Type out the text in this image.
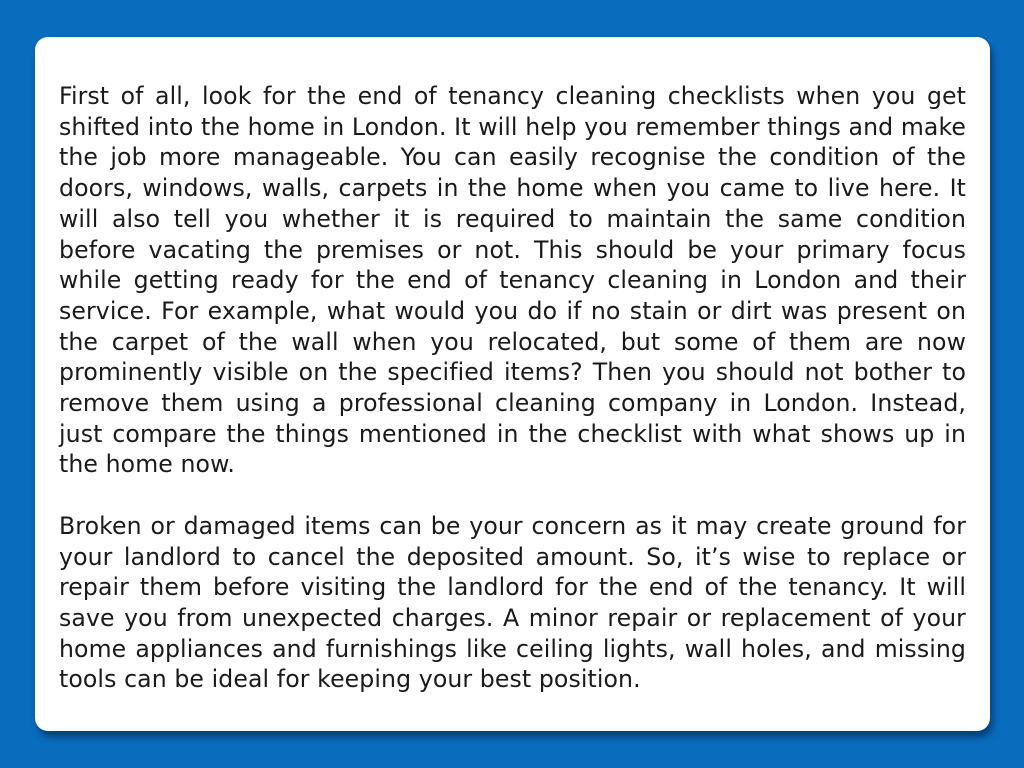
First of all, look for the end of tenancy cleaning checklists when you get shifted into the home in London. It will help you remember things and make the job more manageable. You can easily recognise the condition of the doors, windows, walls, carpets in the home when you came to live here. It will also tell you whether it is required to maintain the same condition before vacating the premises or not. This should be your primary focus while getting ready for the end of tenancy cleaning in London and their service. For example, what would you do if no stain or dirt was present on the carpet of the wall when you relocated, but some of them are now prominently visible on the specified items? Then you should not bother to remove them using a professional cleaning company in London. Instead, just compare the things mentioned in the checklist with what shows up in the home now.

Broken or damaged items can be your concern as it may create ground for your landlord to cancel the deposited amount. So, it’s wise to replace or repair them before visiting the landlord for the end of the tenancy. It will save you from unexpected charges. A minor repair or replacement of your home appliances and furnishings like ceiling lights, wall holes, and missing tools can be ideal for keeping your best position.
